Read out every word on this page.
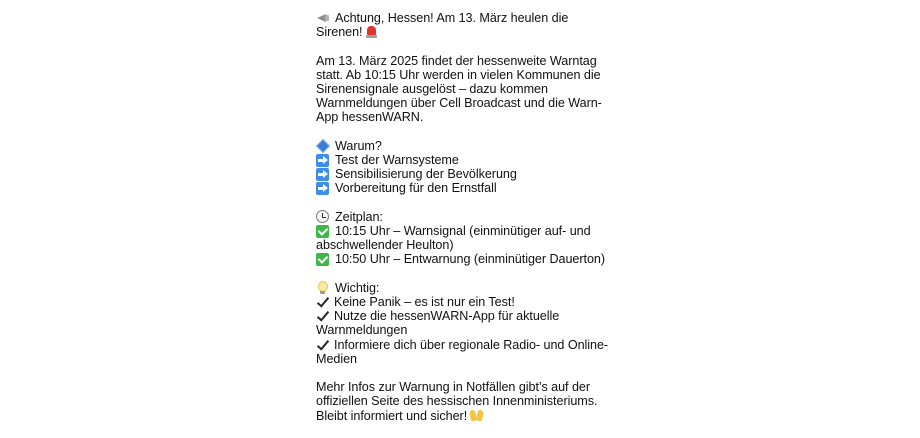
Achtung, Hessen! Am 13. März heulen die
Sirenen!
Am 13. März 2025 findet der hessenweite Warntag
statt. Ab 10:15 Uhr werden in vielen Kommunen die
Sirenensignale ausgelöst – dazu kommen
Warnmeldungen über Cell Broadcast und die Warn-
App hessenWARN.
Warum?
Test der Warnsysteme
Sensibilisierung der Bevölkerung
Vorbereitung für den Ernstfall
Zeitplan:
10:15 Uhr – Warnsignal (einminütiger auf- und
abschwellender Heulton)
10:50 Uhr – Entwarnung (einminütiger Dauerton)
Wichtig:
Keine Panik – es ist nur ein Test!
Nutze die hessenWARN-App für aktuelle
Warnmeldungen
Informiere dich über regionale Radio- und Online-
Medien
Mehr Infos zur Warnung in Notfällen gibt’s auf der
offiziellen Seite des hessischen Innenministeriums.
Bleibt informiert und sicher!
